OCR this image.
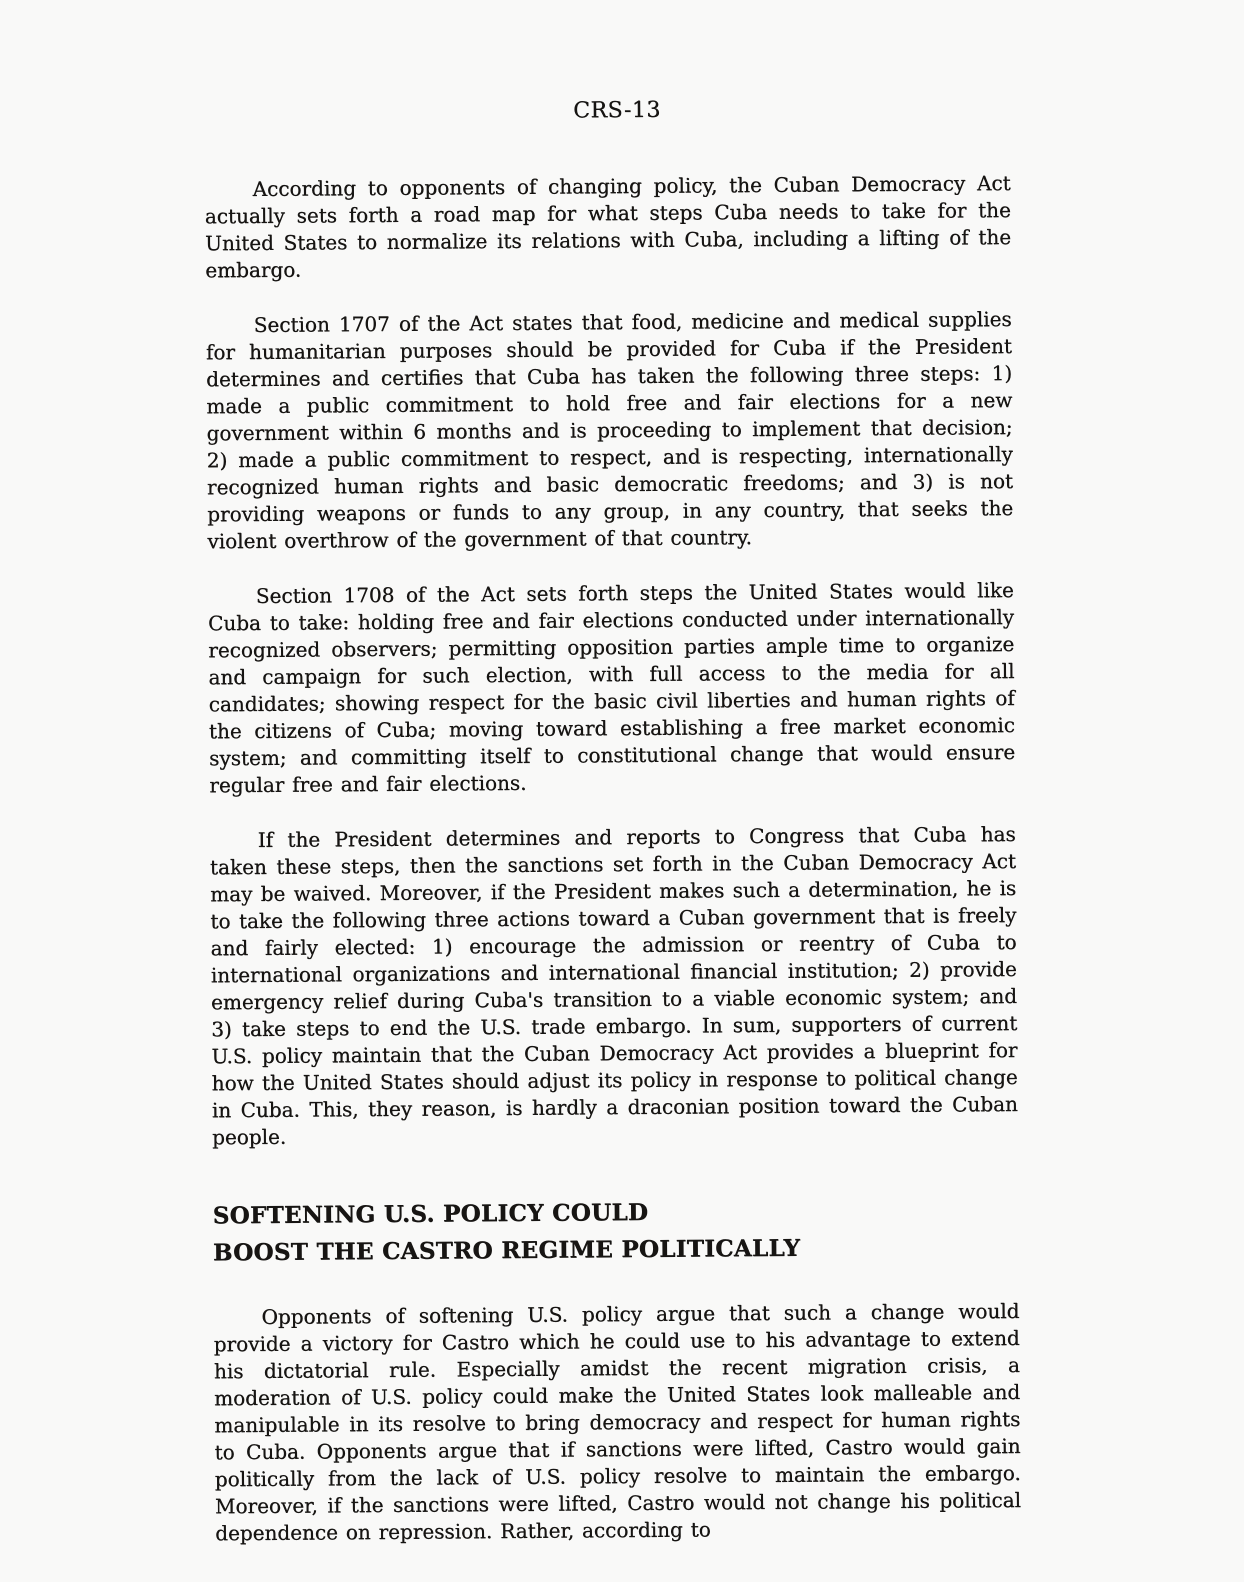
CRS-13

According to opponents of changing policy, the Cuban Democracy Act actually sets forth a road map for what steps Cuba needs to take for the United States to normalize its relations with Cuba, including a lifting of the embargo.

Section 1707 of the Act states that food, medicine and medical supplies for humanitarian purposes should be provided for Cuba if the President determines and certifies that Cuba has taken the following three steps: 1) made a public commitment to hold free and fair elections for a new government within 6 months and is proceeding to implement that decision; 2) made a public commitment to respect, and is respecting, internationally recognized human rights and basic democratic freedoms; and 3) is not providing weapons or funds to any group, in any country, that seeks the violent overthrow of the government of that country.

Section 1708 of the Act sets forth steps the United States would like Cuba to take: holding free and fair elections conducted under internationally recognized observers; permitting opposition parties ample time to organize and campaign for such election, with full access to the media for all candidates; showing respect for the basic civil liberties and human rights of the citizens of Cuba; moving toward establishing a free market economic system; and committing itself to constitutional change that would ensure regular free and fair elections.

If the President determines and reports to Congress that Cuba has taken these steps, then the sanctions set forth in the Cuban Democracy Act may be waived. Moreover, if the President makes such a determination, he is to take the following three actions toward a Cuban government that is freely and fairly elected: 1) encourage the admission or reentry of Cuba to international organizations and international financial institution; 2) provide emergency relief during Cuba's transition to a viable economic system; and 3) take steps to end the U.S. trade embargo. In sum, supporters of current U.S. policy maintain that the Cuban Democracy Act provides a blueprint for how the United States should adjust its policy in response to political change in Cuba. This, they reason, is hardly a draconian position toward the Cuban people.

SOFTENING U.S. POLICY COULD
BOOST THE CASTRO REGIME POLITICALLY

Opponents of softening U.S. policy argue that such a change would provide a victory for Castro which he could use to his advantage to extend his dictatorial rule. Especially amidst the recent migration crisis, a moderation of U.S. policy could make the United States look malleable and manipulable in its resolve to bring democracy and respect for human rights to Cuba. Opponents argue that if sanctions were lifted, Castro would gain politically from the lack of U.S. policy resolve to maintain the embargo. Moreover, if the sanctions were lifted, Castro would not change his political dependence on repression. Rather, according to
